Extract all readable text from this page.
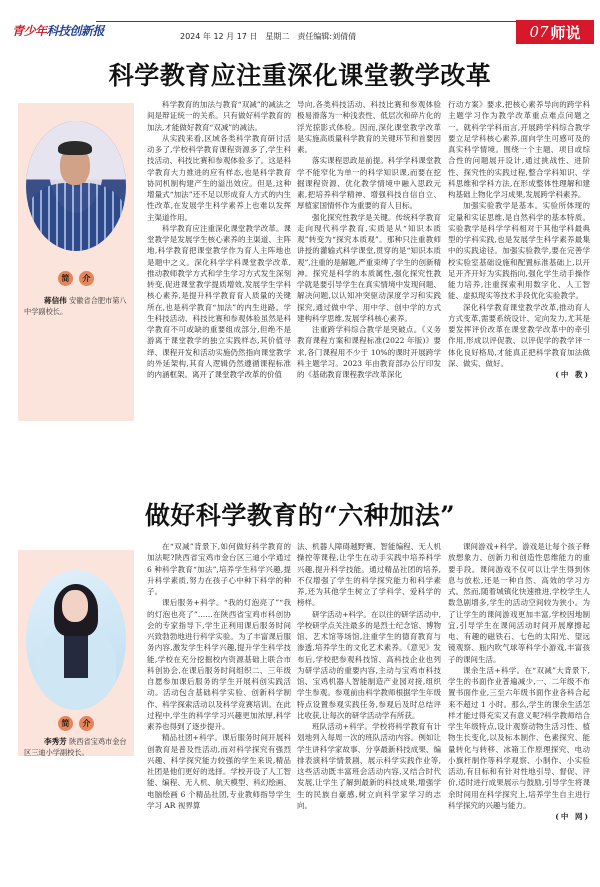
青少年科技创新报	2024 年 12 月 17 日　星期二　责任编辑:刘倩倩	07 师说
科学教育应注重深化课堂教学改革
简	介
蒋信伟 安徽省合肥市第八中学副校长。

科学教育的加法与教育“双减”的减法之间是辩证统一的关系。只有做好科学教育的加法,才能做好教育“双减”的减法。

从实践来看,区域各类科学教育研讨活动多了,学校科学教育课程资源多了,学生科技活动、科技比赛和参观体验多了。这是科学教育大力推进的应有样态,也是科学教育协同机制构建产生的溢出效应。但是,这种增量式“加法”还不足以形成育人方式的内生性改革,在发展学生科学素养上也难以发挥主渠道作用。

科学教育应注重深化课堂教学改革。课堂教学是发展学生核心素养的主渠道、主阵地,科学教育把课堂教学作为育人主阵地也是题中之义。深化科学学科课堂教学改革,推动教师教学方式和学生学习方式发生深刻转变,促进课堂教学提质增效,发展学生学科核心素养,是提升科学教育育人质量的关键所在,也是科学教育“加法”的内生进路。学生科技活动、科技比赛和参观体验虽然是科学教育不可或缺的重要组成部分,但绝不是游离于课堂教学的独立实践样态,其价值寻绎、课程开发和活动实施仍然指向课堂教学的外延架构,其育人逻辑仍然遵循课程标准的内涵框架。离开了课堂教学改革的价值

导向,各类科技活动、科技比赛和参观体验极易滑落为一种浅表性、低层次和碎片化的浮光掠影式体验。因而,深化课堂教学改革是实施高质量科学教育的关键环节和首要因素。

落实课程思政是前提。科学学科课堂教学不能窄化为单一的科学知识课,而要在挖掘课程资源、优化教学情境中融入思政元素,把培养科学精神、增强科技自信自立、厚植家国情怀作为重要的育人目标。

强化探究性教学是关键。传统科学教育走向现代科学教育,实质是从“知识本质观”转变为“探究本质观”。那种只注重教师讲授的灌输式科学课堂,贯穿的是“知识本质观”,注重的是解题,严重束缚了学生的创新精神。探究是科学的本质属性,强化探究性教学就是要引导学生在真实情境中发现问题、解决问题,以认知冲突驱动深度学习和实践探究,通过做中学、用中学、创中学的方式建构科学思维,发展学科核心素养。

注重跨学科综合教学是突破点。《义务教育课程方案和课程标准(2022 年版)》要求,各门课程用不少于 10%的课时开展跨学科主题学习。2023 年由教育部办公厅印发的《基础教育课程教学改革深化

行动方案》要求,把核心素养导向的跨学科主题学习作为教学改革重点难点问题之一。就科学学科而言,开展跨学科综合教学要立足学科核心素养,面向学生可感可及的真实科学情境。围绕一个主题、项目或综合性的问题展开设计,通过挑战性、进阶性、探究性的实践过程,整合学科知识、学科思维和学科方法,在形成整体性理解和建构基础上物化学习成果,发展跨学科素养。

加强实验教学是基本。实验所体现的定量和实证思维,是自然科学的基本特质。实验教学是科学学科相对于其他学科最典型的学科实践,也是发展学生科学素养最集中的实践途径。加强实验教学,要在完善学校实验室基础设施和配置标准基础上,以开足开齐开好为实践指向,强化学生动手操作能力培养,注重探索利用数字化、人工智能、虚拟现实等技术手段优化实验教学。

深化科学教育课堂教学改革,推动育人方式变革,需要系统设计、定向发力,尤其是要发挥评价改革在课堂教学改革中的牵引作用,形成以评促教、以评促学的教学评一体化良好格局,才能真正把科学教育加法做深、做实、做好。

(中 教)

做好科学教育的“六种加法”
简	介
李秀芳 陕西省宝鸡市金台区三迪小学副校长。

在“双减”背景下,如何做好科学教育的加法呢?陕西省宝鸡市金台区三迪小学通过 6 种科学教育“加法”,培养学生科学兴趣,提升科学素质,努力在孩子心中种下科学的种子。

课后服务+科学。“我的灯泡亮了”“我的灯泡也亮了”……在陕西省宝鸡市科创协会的专家指导下,学生正利用课后服务时间兴致勃勃地进行科学实验。为了丰富课后服务内容,激发学生科学兴趣,提升学生科学技能,学校在充分挖掘校内资源基础上联合市科创协会,在课后服务时间组织二、三年级自愿参加课后服务的学生开展科创实践活动。活动包含基础科学实验、创新科学制作、科学探索活动以及科学竞赛培训。在此过程中,学生的科学学习兴趣更加浓厚,科学素养也得到了逐步提升。

精品社团+科学。课后服务时间开展科创教育是普及性活动,而对科学探究有强烈兴趣、科学探究能力较强的学生来说,精品社团是他们更好的选择。学校开设了人工智能、编程、无人机、航天模型、科幻绘画、电脑绘画 6 个精品社团,专业教师指导学生学习 AR 视界算

法、机器人障碍越野赛、智能编程、无人机操控等课程,让学生在动手实践中培养科学兴趣,提升科学技能。通过精品社团的培养,不仅增强了学生的科学探究能力和科学素养,还为其他学生树立了学科学、爱科学的榜样。

研学活动+科学。在以往的研学活动中,学校研学点关注最多的是烈士纪念馆、博物馆、艺术馆等场馆,注重学生的德育教育与渗透,培养学生的文化艺术素养。《意见》发布后,学校把参观科技馆、高科技企业也列为研学活动的重要内容,主动与宝鸡市科技馆、宝鸡机器人智能制造产业园对接,组织学生参观。参观前由科学教师根据学生年级特点设置参观实践任务,参观后及时总结评比收获,让每次的研学活动学有所获。

班队活动+科学。学校将科学教育有计划地列入每周一次的班队活动内容。例如让学生讲科学家故事、分享最新科技成果、编排表演科学情景剧、展示科学实践作业等,这些活动既丰富班会活动内容,又结合时代发展,让学生了解到最新的科技成果,增强学生的民族自豪感,树立向科学家学习的志向。

课间游戏+科学。游戏是让每个孩子释放想象力、创新力和创造性思维能力的重要手段。课间游戏不仅可以让学生得到休息与放松,还是一种自然、高效的学习方式。然而,随着城镇化快速推进,学校学生人数急剧增多,学生的活动空间较为狭小。为了让学生的课间游戏更加丰富,学校因地制宜,引导学生在课间活动时间开展摩擦起电、有趣的磁铁石、七色的太阳光、望远镜观察、瓶内吹气球等科学小游戏,丰富孩子的课间生活。

课余生活+科学。在“双减”大背景下,学生的书面作业普遍减少,一、二年级不布置书面作业,三至六年级书面作业各科合起来不超过 1 小时。那么,学生的课余生活怎样才能过得充实又有意义呢?科学教师结合学生年级特点,设计观察动物生活习性、植物生长变化,以及标本制作、色素探究、能量转化与转移、冰箱工作原理探究、电动小旗杆制作等科学观察、小制作、小实验活动,有目标和有针对性地引导、督促、评价,适时进行成果展示与鼓励,引导学生将课余时间用在科学探究上,培养学生自主进行科学探究的兴趣与能力。

(中 网)
